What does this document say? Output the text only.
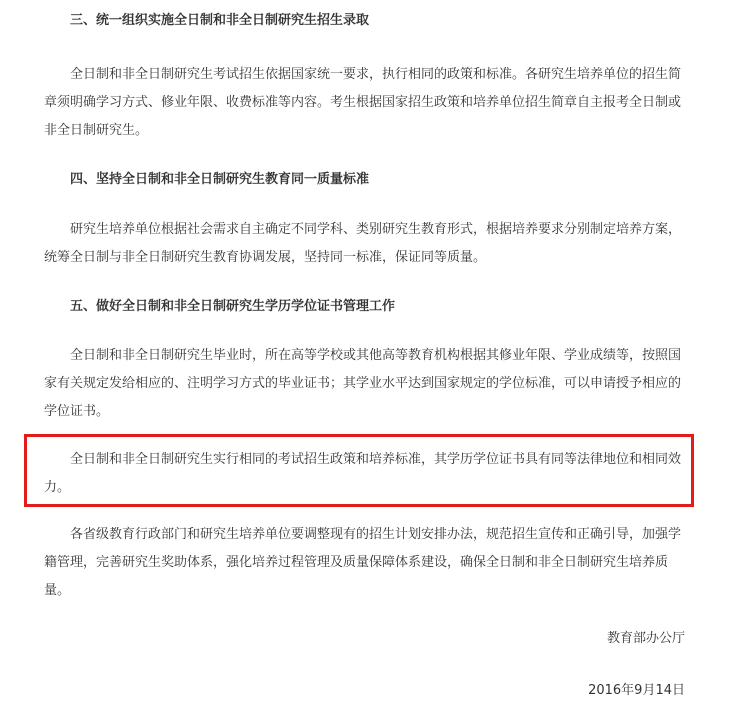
三、统一组织实施全日制和非全日制研究生招生录取
全日制和非全日制研究生考试招生依据国家统一要求，执行相同的政策和标准。各研究生培养单位的招生简章须明确学习方式、修业年限、收费标准等内容。考生根据国家招生政策和培养单位招生简章自主报考全日制或非全日制研究生。
四、坚持全日制和非全日制研究生教育同一质量标准
研究生培养单位根据社会需求自主确定不同学科、类别研究生教育形式，根据培养要求分别制定培养方案，统筹全日制与非全日制研究生教育协调发展，坚持同一标准，保证同等质量。
五、做好全日制和非全日制研究生学历学位证书管理工作
全日制和非全日制研究生毕业时，所在高等学校或其他高等教育机构根据其修业年限、学业成绩等，按照国家有关规定发给相应的、注明学习方式的毕业证书；其学业水平达到国家规定的学位标准，可以申请授予相应的学位证书。
全日制和非全日制研究生实行相同的考试招生政策和培养标准，其学历学位证书具有同等法律地位和相同效力。
各省级教育行政部门和研究生培养单位要调整现有的招生计划安排办法，规范招生宣传和正确引导，加强学籍管理，完善研究生奖助体系，强化培养过程管理及质量保障体系建设，确保全日制和非全日制研究生培养质量。
教育部办公厅
2016年9月14日
